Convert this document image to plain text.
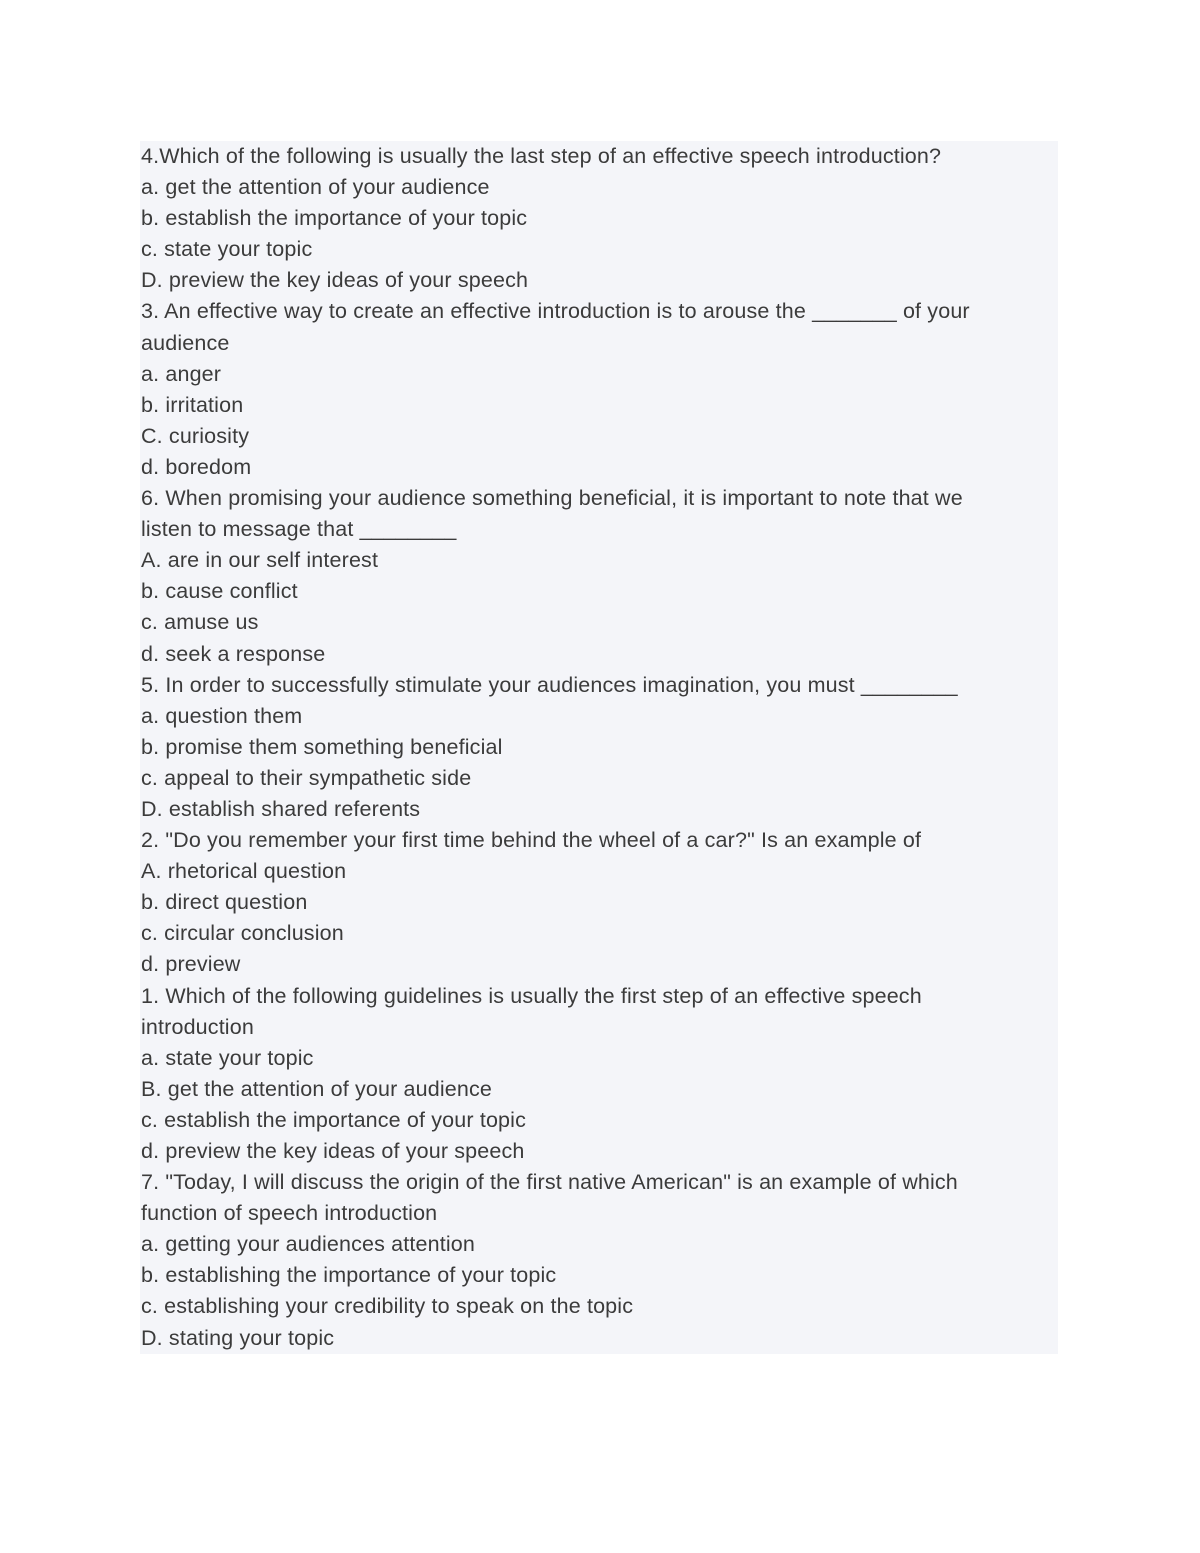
4.Which of the following is usually the last step of an effective speech introduction?
a. get the attention of your audience
b. establish the importance of your topic
c. state your topic
D. preview the key ideas of your speech
3. An effective way to create an effective introduction is to arouse the _______ of your
audience
a. anger
b. irritation
C. curiosity
d. boredom
6. When promising your audience something beneficial, it is important to note that we
listen to message that ________
A. are in our self interest
b. cause conflict
c. amuse us
d. seek a response
5. In order to successfully stimulate your audiences imagination, you must ________
a. question them
b. promise them something beneficial
c. appeal to their sympathetic side
D. establish shared referents
2. "Do you remember your first time behind the wheel of a car?" Is an example of
A. rhetorical question
b. direct question
c. circular conclusion
d. preview
1. Which of the following guidelines is usually the first step of an effective speech
introduction
a. state your topic
B. get the attention of your audience
c. establish the importance of your topic
d. preview the key ideas of your speech
7. "Today, I will discuss the origin of the first native American" is an example of which
function of speech introduction
a. getting your audiences attention
b. establishing the importance of your topic
c. establishing your credibility to speak on the topic
D. stating your topic
